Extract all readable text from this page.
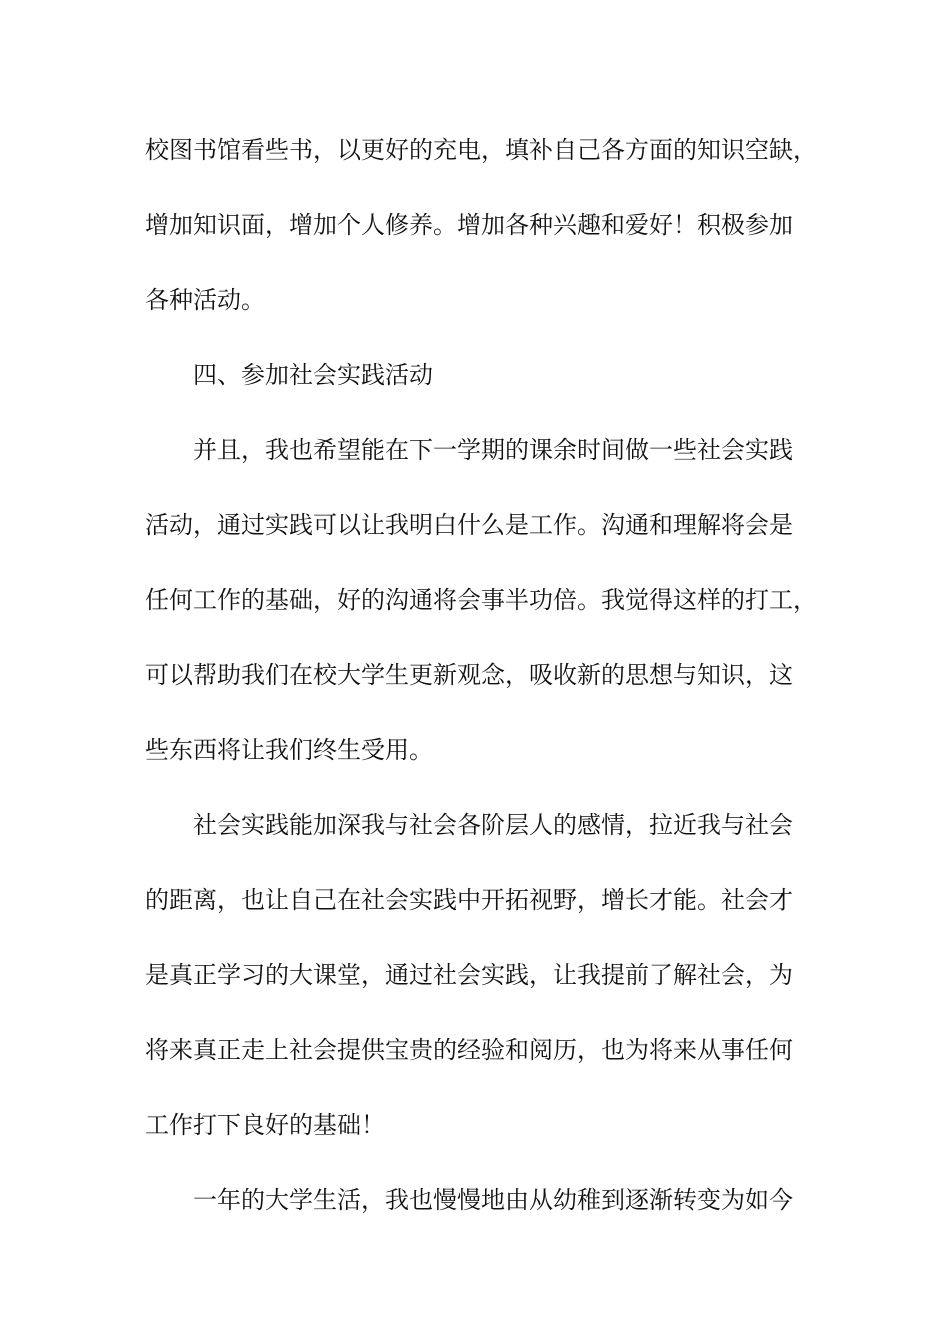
校图书馆看些书，以更好的充电，填补自己各方面的知识空缺，
增加知识面，增加个人修养。增加各种兴趣和爱好！积极参加
各种活动。
四、参加社会实践活动
并且，我也希望能在下一学期的课余时间做一些社会实践
活动，通过实践可以让我明白什么是工作。沟通和理解将会是
任何工作的基础，好的沟通将会事半功倍。我觉得这样的打工，
可以帮助我们在校大学生更新观念，吸收新的思想与知识，这
些东西将让我们终生受用。
社会实践能加深我与社会各阶层人的感情，拉近我与社会
的距离，也让自己在社会实践中开拓视野，增长才能。社会才
是真正学习的大课堂，通过社会实践，让我提前了解社会，为
将来真正走上社会提供宝贵的经验和阅历，也为将来从事任何
工作打下良好的基础！
一年的大学生活，我也慢慢地由从幼稚到逐渐转变为如今
